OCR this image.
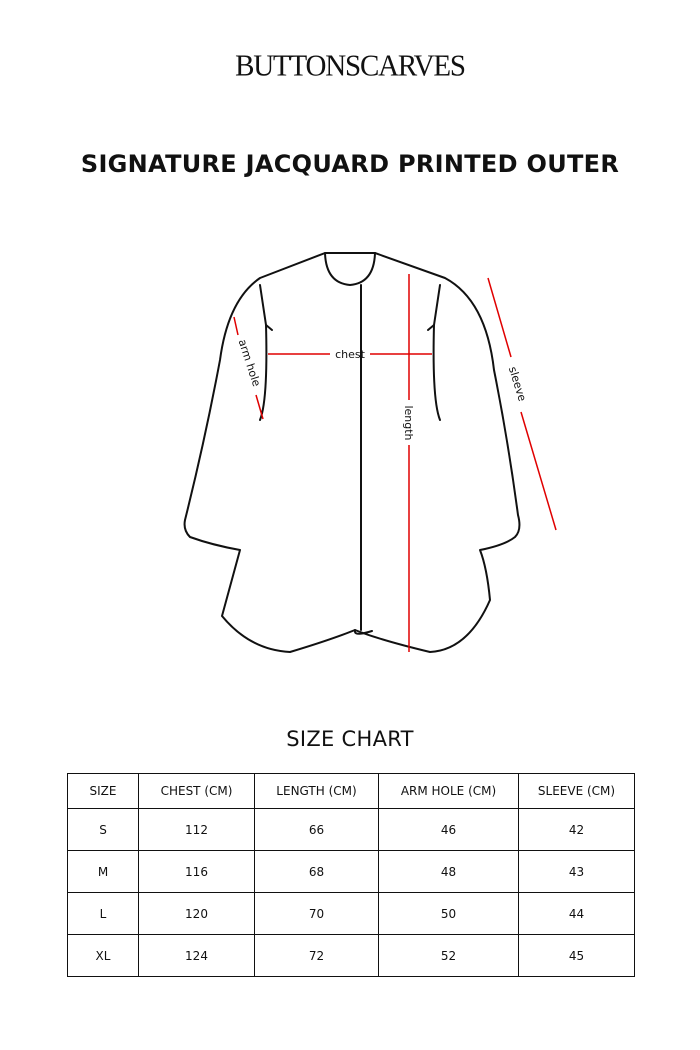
BUTTONSCARVES
SIGNATURE JACQUARD PRINTED OUTER
chest
length
arm hole	sleeve
SIZE CHART
SIZE	CHEST (CM)	LENGTH (CM)	ARM HOLE (CM)	SLEEVE (CM)
S	112	66	46	42
M	116	68	48	43
L	120	70	50	44
XL	124	72	52	45
